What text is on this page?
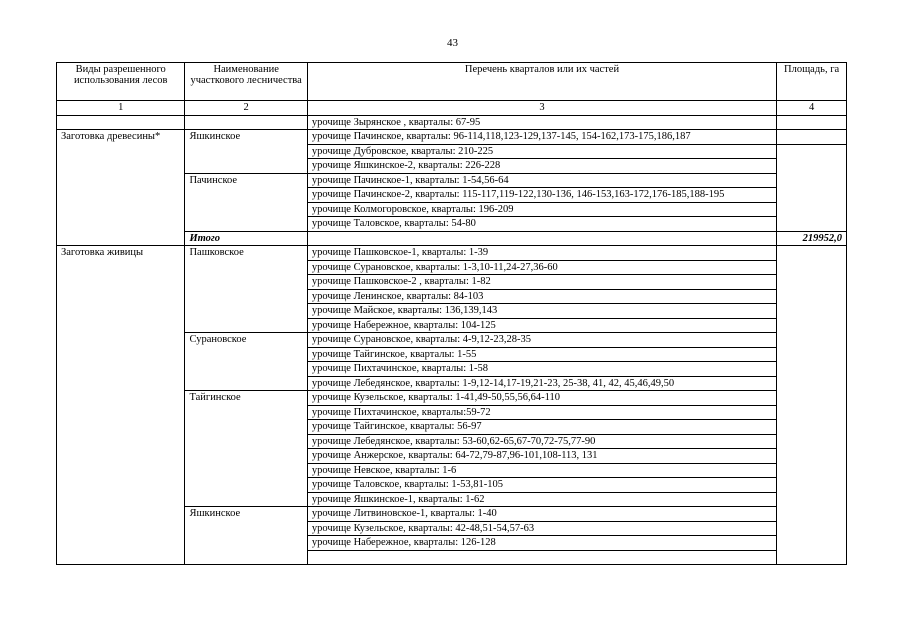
43
Виды разрешенного использования лесов	Наименование участкового лесничества	Перечень кварталов или их частей	Площадь, га
1	2	3	4
		урочище Зырянское , кварталы: 67-95	
Заготовка древесины*	Яшкинское	урочище Пачинское, кварталы: 96-114,118,123-129,137-145, 154-162,173-175,186,187	
		урочище Дубровское, кварталы: 210-225	
		урочище Яшкинское-2, кварталы: 226-228	
	Пачинское	урочище Пачинское-1, кварталы: 1-54,56-64	
		урочище Пачинское-2, кварталы: 115-117,119-122,130-136, 146-153,163-172,176-185,188-195	
		урочище Колмогоровское, кварталы: 196-209	
		урочище Таловское, кварталы: 54-80	
	Итого		219952,0
Заготовка живицы	Пашковское	урочище Пашковское-1, кварталы: 1-39	
		урочище Сурановское, кварталы: 1-3,10-11,24-27,36-60	
		урочище Пашковское-2 , кварталы: 1-82	
		урочище Ленинское, кварталы: 84-103	
		урочище Майское, кварталы: 136,139,143	
		урочище Набережное, кварталы: 104-125	
	Сурановское	урочище Сурановское, кварталы: 4-9,12-23,28-35	
		урочище Тайгинское, кварталы: 1-55	
		урочище Пихтачинское, кварталы: 1-58	
		урочище Лебедянское, кварталы: 1-9,12-14,17-19,21-23, 25-38, 41, 42, 45,46,49,50	
	Тайгинское	урочище Кузельское, кварталы: 1-41,49-50,55,56,64-110	
		урочище Пихтачинское, кварталы:59-72	
		урочище Тайгинское, кварталы: 56-97	
		урочище Лебедянское, кварталы: 53-60,62-65,67-70,72-75,77-90	
		урочище Анжерское, кварталы: 64-72,79-87,96-101,108-113, 131	
		урочище Невское, кварталы: 1-6	
		урочище Таловское, кварталы: 1-53,81-105	
		урочище Яшкинское-1, кварталы: 1-62	
	Яшкинское	урочище Литвиновское-1, кварталы: 1-40	
		урочище Кузельское, кварталы: 42-48,51-54,57-63	
		урочище Набережное, кварталы: 126-128	
